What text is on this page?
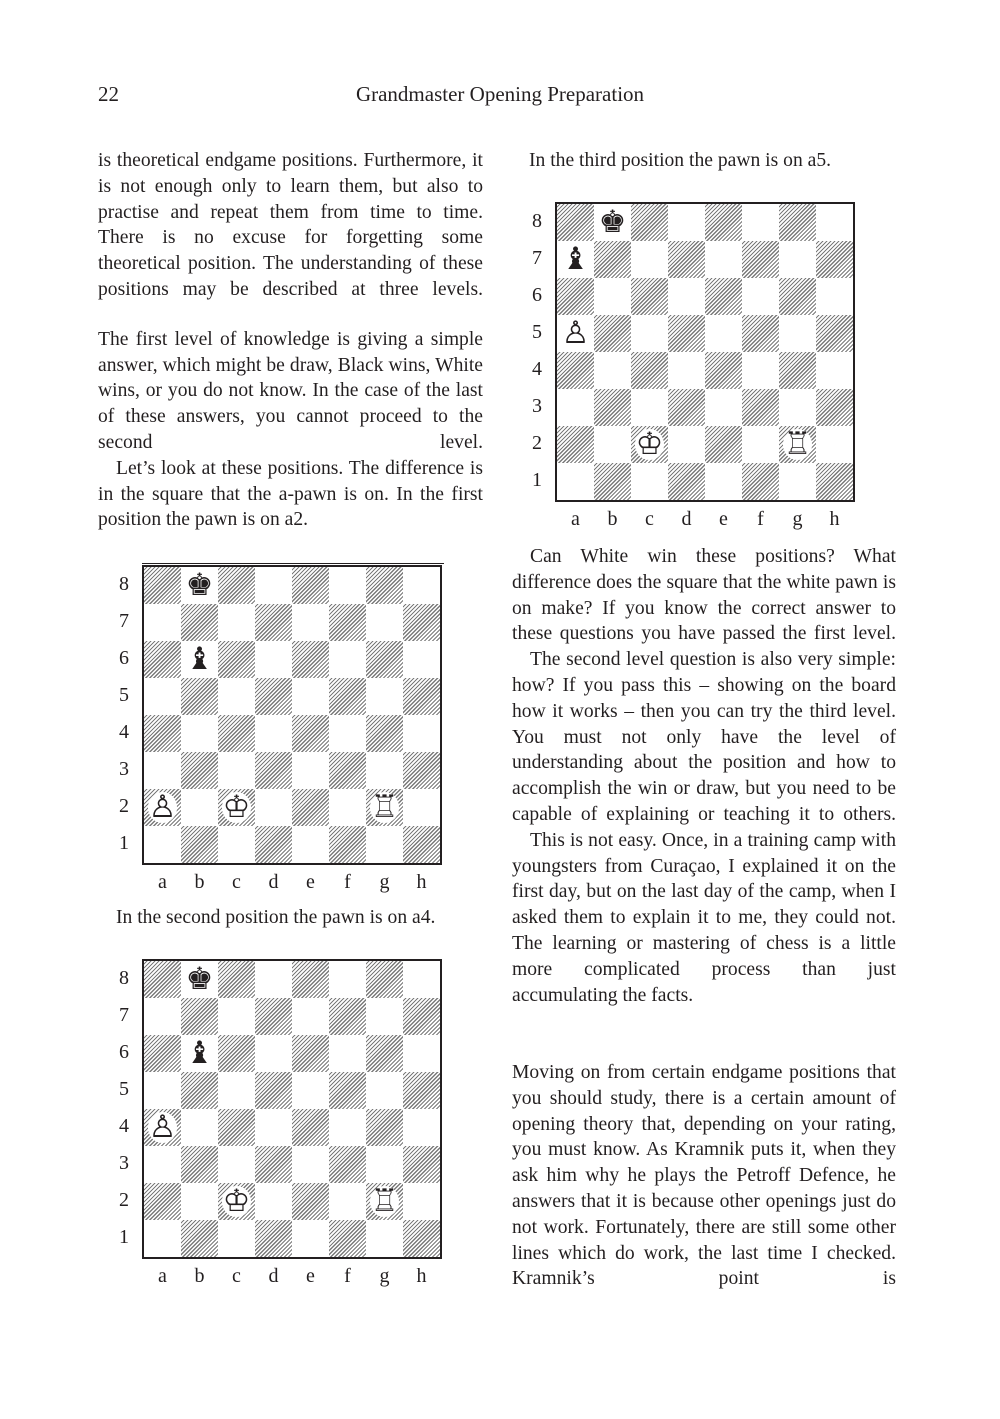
22	Grandmaster Opening Preparation

is theoretical endgame positions. Furthermore, it is not enough only to learn them, but also to practise and repeat them from time to time. There is no excuse for forgetting some theoretical position. The understanding of these positions may be described at three levels.

The first level of knowledge is giving a simple answer, which might be draw, Black wins, White wins, or you do not know. In the case of the last of these answers, you cannot proceed to the second level.

Let’s look at these positions. The difference is in the square that the a-pawn is on. In the first position the pawn is on a2.

♚
♝
♙ ♔	♖
8
7
6
5
4
3
2
1
a	b	c	d	e	f	g	h
In the second position the pawn is on a4.
♚
♝
♙
♔	♖
8
7
6
5
4
3
2
1
a	b	c	d	e	f	g	h
In the third position the pawn is on a5.
♚
♝
♙
♔	♖
8
7
6
5
4
3
2
1
a	b	c	d	e	f	g	h

Can White win these positions? What difference does the square that the white pawn is on make? If you know the correct answer to these questions you have passed the first level.

The second level question is also very simple: how? If you pass this – showing on the board how it works – then you can try the third level. You must not only have the level of understanding about the position and how to accomplish the win or draw, but you need to be capable of explaining or teaching it to others.

This is not easy. Once, in a training camp with youngsters from Curaçao, I explained it on the first day, but on the last day of the camp, when I asked them to explain it to me, they could not. The learning or mastering of chess is a little more complicated process than just accumulating the facts.

Moving on from certain endgame positions that you should study, there is a certain amount of opening theory that, depending on your rating, you must know. As Kramnik puts it, when they ask him why he plays the Petroff Defence, he answers that it is because other openings just do not work. Fortunately, there are still some other lines which do work, the last time I checked. Kramnik’s point is
